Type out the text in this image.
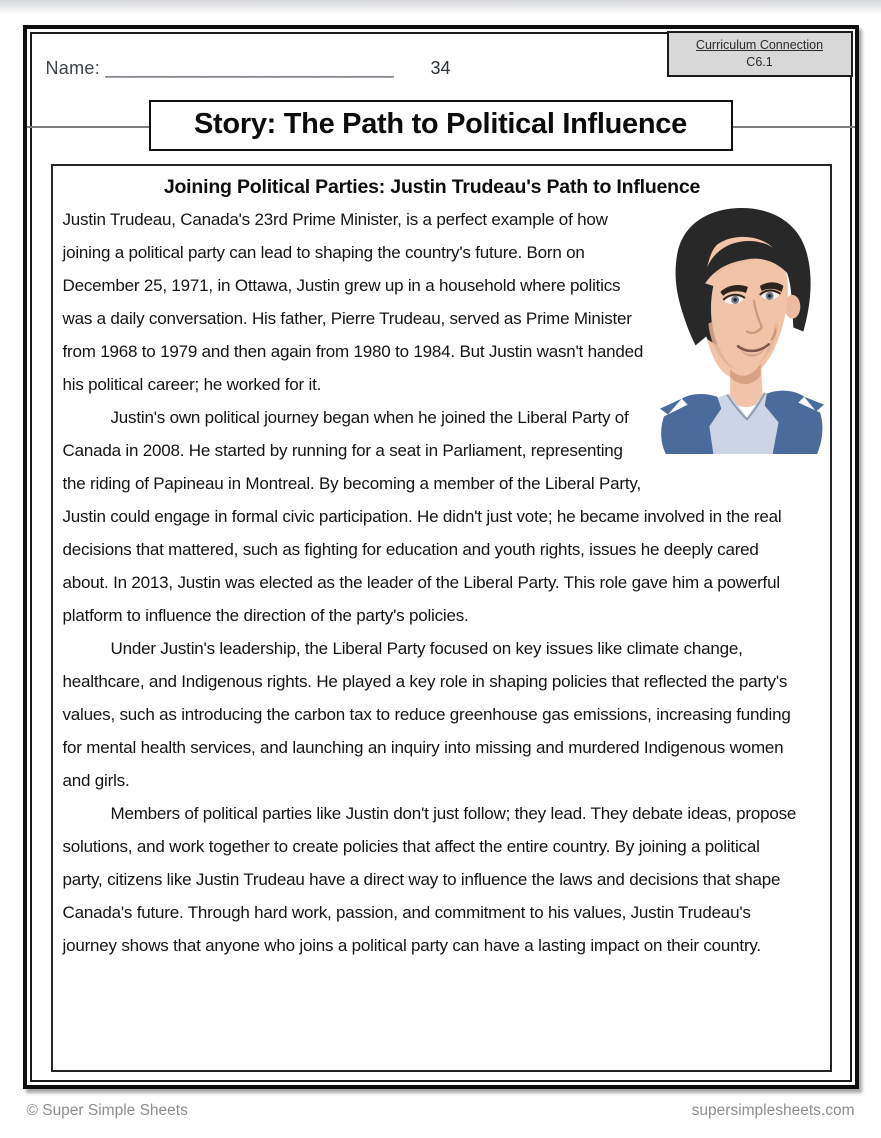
Name: ____________________________ 34
Curriculum Connection
C6.1
Story: The Path to Political Influence
Joining Political Parties: Justin Trudeau's Path to Influence

Justin Trudeau, Canada's 23rd Prime Minister, is a perfect example of how joining a political party can lead to shaping the country's future. Born on December 25, 1971, in Ottawa, Justin grew up in a household where politics was a daily conversation. His father, Pierre Trudeau, served as Prime Minister from 1968 to 1979 and then again from 1980 to 1984. But Justin wasn't handed his political career; he worked for it.

Justin's own political journey began when he joined the Liberal Party of Canada in 2008. He started by running for a seat in Parliament, representing the riding of Papineau in Montreal. By becoming a member of the Liberal Party, Justin could engage in formal civic participation. He didn't just vote; he became involved in the real decisions that mattered, such as fighting for education and youth rights, issues he deeply cared about. In 2013, Justin was elected as the leader of the Liberal Party. This role gave him a powerful platform to influence the direction of the party's policies.

Under Justin's leadership, the Liberal Party focused on key issues like climate change, healthcare, and Indigenous rights. He played a key role in shaping policies that reflected the party's values, such as introducing the carbon tax to reduce greenhouse gas emissions, increasing funding for mental health services, and launching an inquiry into missing and murdered Indigenous women and girls.

Members of political parties like Justin don't just follow; they lead. They debate ideas, propose solutions, and work together to create policies that affect the entire country. By joining a political party, citizens like Justin Trudeau have a direct way to influence the laws and decisions that shape Canada's future. Through hard work, passion, and commitment to his values, Justin Trudeau's journey shows that anyone who joins a political party can have a lasting impact on their country.

© Super Simple Sheets	supersimplesheets.com
